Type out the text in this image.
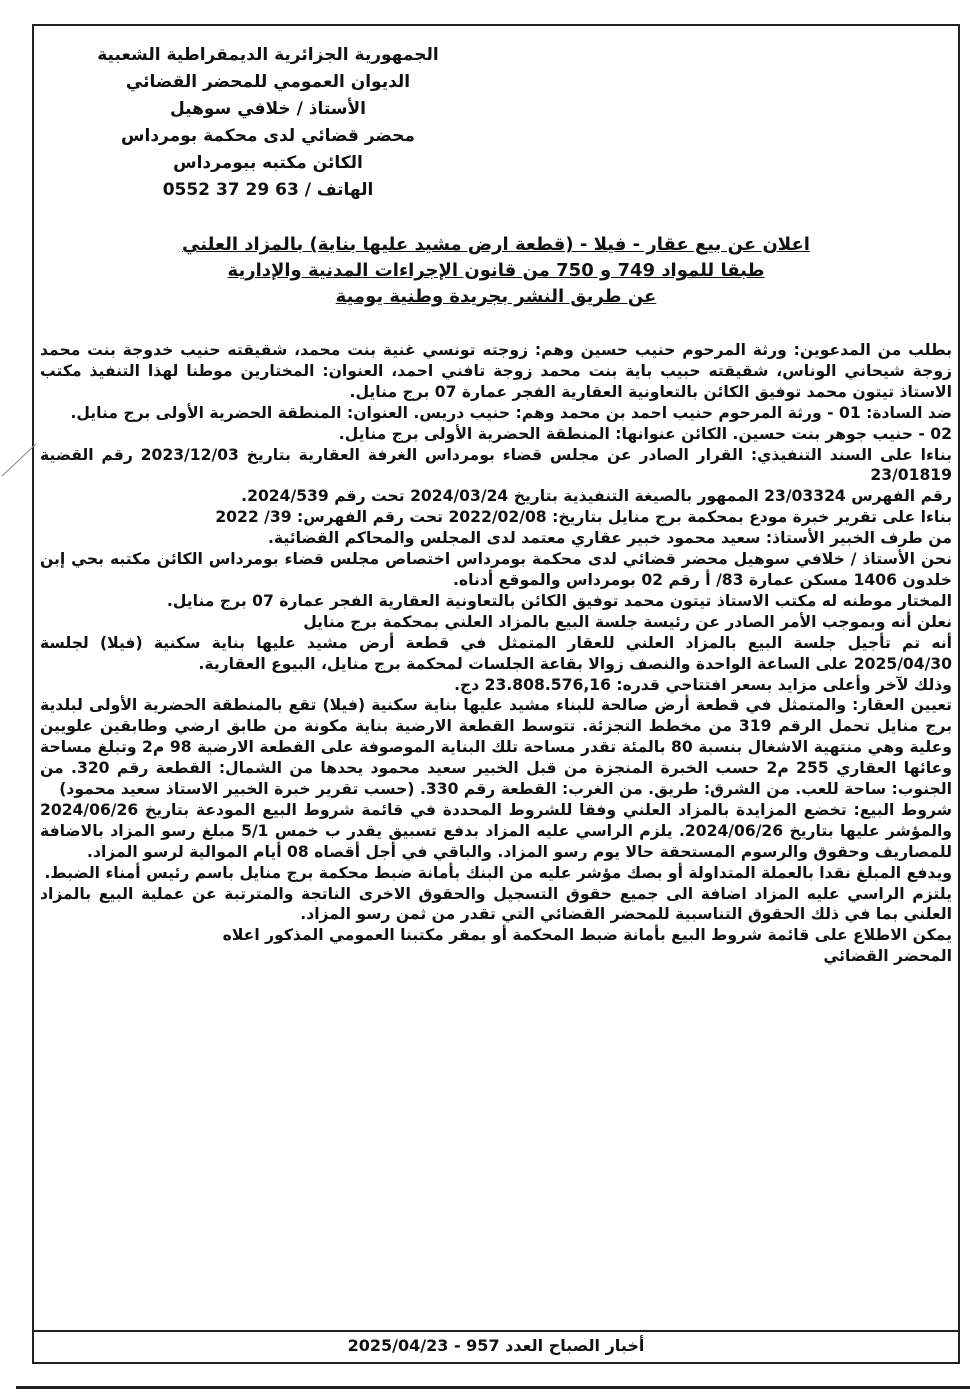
الجمهورية الجزائرية الديمقراطية الشعبية
الديوان العمومي للمحضر القضائي
الأستاذ / خلافي سوهيل
محضر قضائي لدى محكمة بومرداس
الكائن مكتبه ببومرداس
الهاتف / 63 29 37 0552
اعلان عن بيع عقار - فيلا - (قطعة ارض مشيد عليها بناية) بالمزاد العلني
طبقا للمواد 749 و 750 من قانون الإجراءات المدنية والإدارية
عن طريق النشر بجريدة وطنية يومية

بطلب من المدعوين: ورثة المرحوم حنيب حسين وهم: زوجته تونسي غنية بنت محمد، شقيقته حنيب خدوجة بنت محمد زوجة شيحاني الوناس، شقيقته حبيب باية بنت محمد زوجة تافني احمد، العنوان: المختارين موطنا لهذا التنفيذ مكتب الاستاذ تيتون محمد توفيق الكائن بالتعاونية العقارية الفجر عمارة 07 برج منايل.

ضد السادة: 01 - ورثة المرحوم حنيب احمد بن محمد وهم: حنيب دريس. العنوان: المنطقة الحضرية الأولى برج منايل.

02 - حنيب جوهر بنت حسين. الكائن عنوانها: المنطقة الحضرية الأولى برج منايل.

بناءا على السند التنفيذي: القرار الصادر عن مجلس قضاء بومرداس الغرفة العقارية بتاريخ 2023/12/03 رقم القضية 23/01819

رقم الفهرس 23/03324 الممهور بالصيغة التنفيذية بتاريخ 2024/03/24 تحت رقم 2024/539.

بناءا على تقرير خبرة مودع بمحكمة برج منايل بتاريخ: 2022/02/08 تحت رقم الفهرس: 39/ 2022

من طرف الخبير الأستاذ: سعيد محمود خبير عقاري معتمد لدى المجلس والمحاكم القضائية.

نحن الأستاذ / خلافي سوهيل محضر قضائي لدى محكمة بومرداس اختصاص مجلس قضاء بومرداس الكائن مكتبه بحي إبن خلدون 1406 مسكن عمارة 83/ أ رقم 02 بومرداس والموقع أدناه.

المختار موطنه له مكتب الاستاذ تيتون محمد توفيق الكائن بالتعاونية العقارية الفجر عمارة 07 برج منايل.

نعلن أنه وبموجب الأمر الصادر عن رئيسة جلسة البيع بالمزاد العلني بمحكمة برج منايل

أنه تم تأجيل جلسة البيع بالمزاد العلني للعقار المتمثل في قطعة أرض مشيد عليها بناية سكنية (فيلا) لجلسة 2025/04/30 على الساعة الواحدة والنصف زوالا بقاعة الجلسات لمحكمة برج منايل، البيوع العقارية.

وذلك لآخر وأعلى مزايد بسعر افتتاحي قدره: 23.808.576,16 دج.

تعيين العقار: والمتمثل في قطعة أرض صالحة للبناء مشيد عليها بناية سكنية (فيلا) تقع بالمنطقة الحضرية الأولى لبلدية برج منايل تحمل الرقم 319 من مخطط التجزئة. تتوسط القطعة الارضية بناية مكونة من طابق ارضي وطابقين علويين وعلية وهي منتهية الاشغال بنسبة 80 بالمئة تقدر مساحة تلك البناية الموصوفة على القطعة الارضية 98 م2 وتبلغ مساحة وعائها العقاري 255 م2 حسب الخبرة المنجزة من قبل الخبير سعيد محمود يحدها من الشمال: القطعة رقم 320. من الجنوب: ساحة للعب. من الشرق: طريق. من الغرب: القطعة رقم 330. (حسب تقرير خبرة الخبير الاستاذ سعيد محمود)

شروط البيع: تخضع المزايدة بالمزاد العلني وفقا للشروط المحددة في قائمة شروط البيع المودعة بتاريخ 2024/06/26 والمؤشر عليها بتاريخ 2024/06/26. يلزم الراسي عليه المزاد بدفع تسبيق يقدر ب خمس 5/1 مبلغ رسو المزاد بالاضافة للمصاريف وحقوق والرسوم المستحقة حالا يوم رسو المزاد. والباقي في أجل أقصاه 08 أيام الموالية لرسو المزاد.

ويدفع المبلغ نقدا بالعملة المتداولة أو بصك مؤشر عليه من البنك بأمانة ضبط محكمة برج منايل باسم رئيس أمناء الضبط.

يلتزم الراسي عليه المزاد اضافة الى جميع حقوق التسجيل والحقوق الاخرى الناتجة والمترتبة عن عملية البيع بالمزاد العلني بما في ذلك الحقوق التناسبية للمحضر القضائي التي تقدر من ثمن رسو المزاد.

يمكن الاطلاع على قائمة شروط البيع بأمانة ضبط المحكمة أو بمقر مكتبنا العمومي المذكور اعلاه

المحضر القضائي

أخبار الصباح العدد 957 - 2025/04/23
